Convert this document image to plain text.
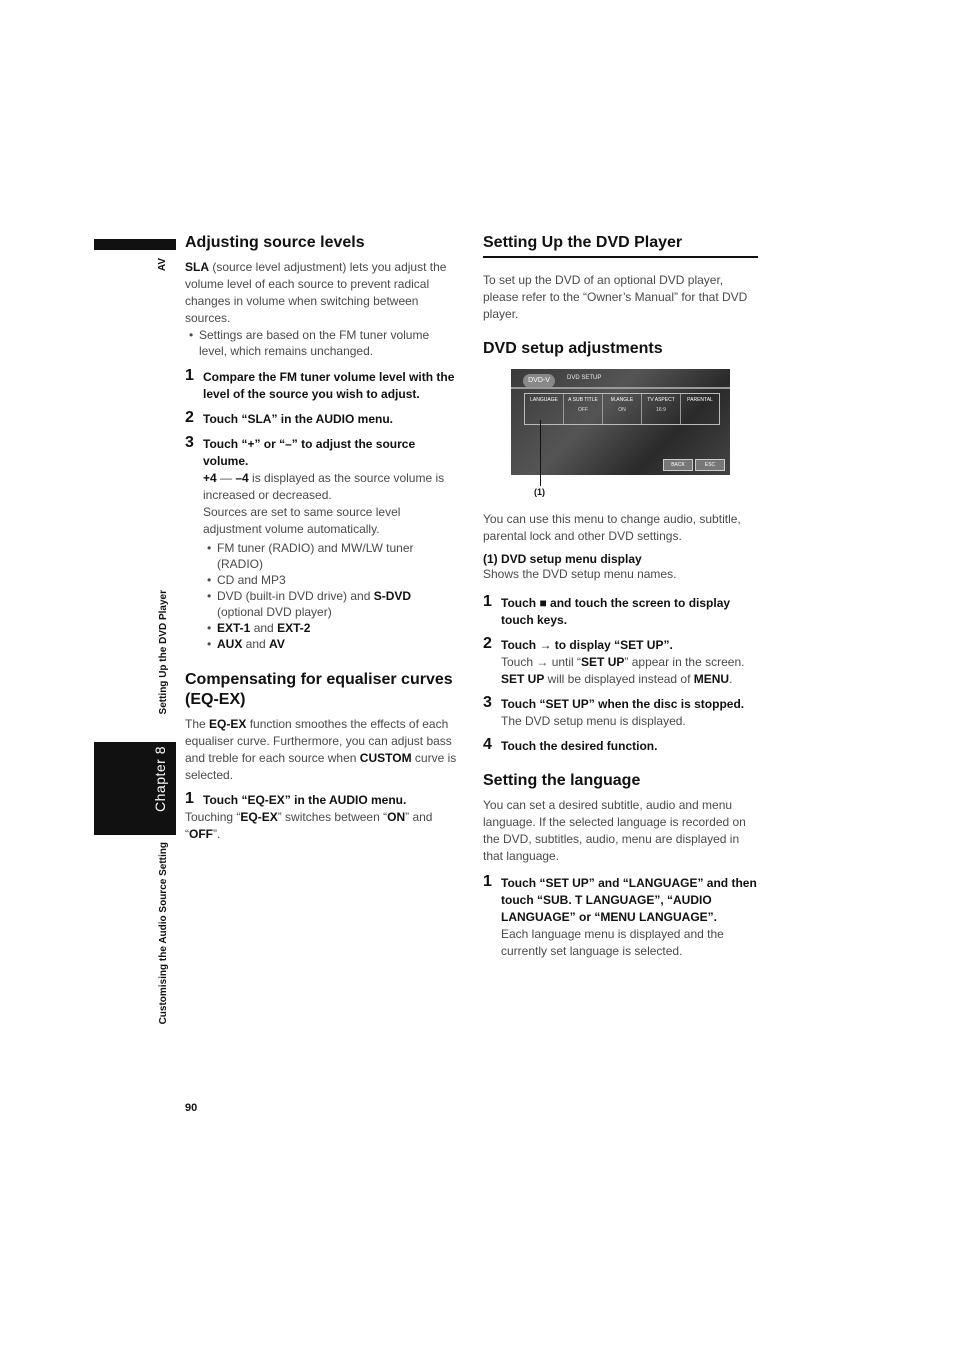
AV
Setting Up the DVD Player
Chapter 8
Customising the Audio Source Setting
Adjusting source levels

SLA (source level adjustment) lets you adjust the volume level of each source to prevent radical changes in volume when switching between sources.

• Settings are based on the FM tuner volume level, which remains unchanged.
1 Compare the FM tuner volume level with the level of the source you wish to adjust.
2 Touch “SLA” in the AUDIO menu.
3 Touch “+” or “–” to adjust the source volume.
+4 — –4 is displayed as the source volume is increased or decreased.
Sources are set to same source level adjustment volume automatically.
• FM tuner (RADIO) and MW/LW tuner (RADIO)
• CD and MP3
• DVD (built-in DVD drive) and S-DVD (optional DVD player)
• EXT-1 and EXT-2
• AUX and AV
Compensating for equaliser curves (EQ-EX)

The EQ-EX function smoothes the effects of each equaliser curve. Furthermore, you can adjust bass and treble for each source when CUSTOM curve is selected.

1 Touch “EQ-EX” in the AUDIO menu.
Touching “EQ-EX” switches between “ON” and “OFF”.
Setting Up the DVD Player

To set up the DVD of an optional DVD player, please refer to the “Owner’s Manual” for that DVD player.

DVD setup adjustments
DVD-V	DVD SETUP
LANGUAGE	A SUB TITLE
OFF
M.ANGLE
ON
TV ASPECT
16:9
PARENTAL
BACK	ESC
(1)

You can use this menu to change audio, subtitle, parental lock and other DVD settings.

(1) DVD setup menu display

Shows the DVD setup menu names.

1 Touch ■ and touch the screen to display touch keys.
2 Touch → to display “SET UP”.
Touch → until “SET UP” appear in the screen. SET UP will be displayed instead of MENU.
3 Touch “SET UP” when the disc is stopped.
The DVD setup menu is displayed.
4 Touch the desired function.
Setting the language

You can set a desired subtitle, audio and menu language. If the selected language is recorded on the DVD, subtitles, audio, menu are displayed in that language.

1 Touch “SET UP” and “LANGUAGE” and then touch “SUB. T LANGUAGE”, “AUDIO LANGUAGE” or “MENU LANGUAGE”.
Each language menu is displayed and the currently set language is selected.
90
